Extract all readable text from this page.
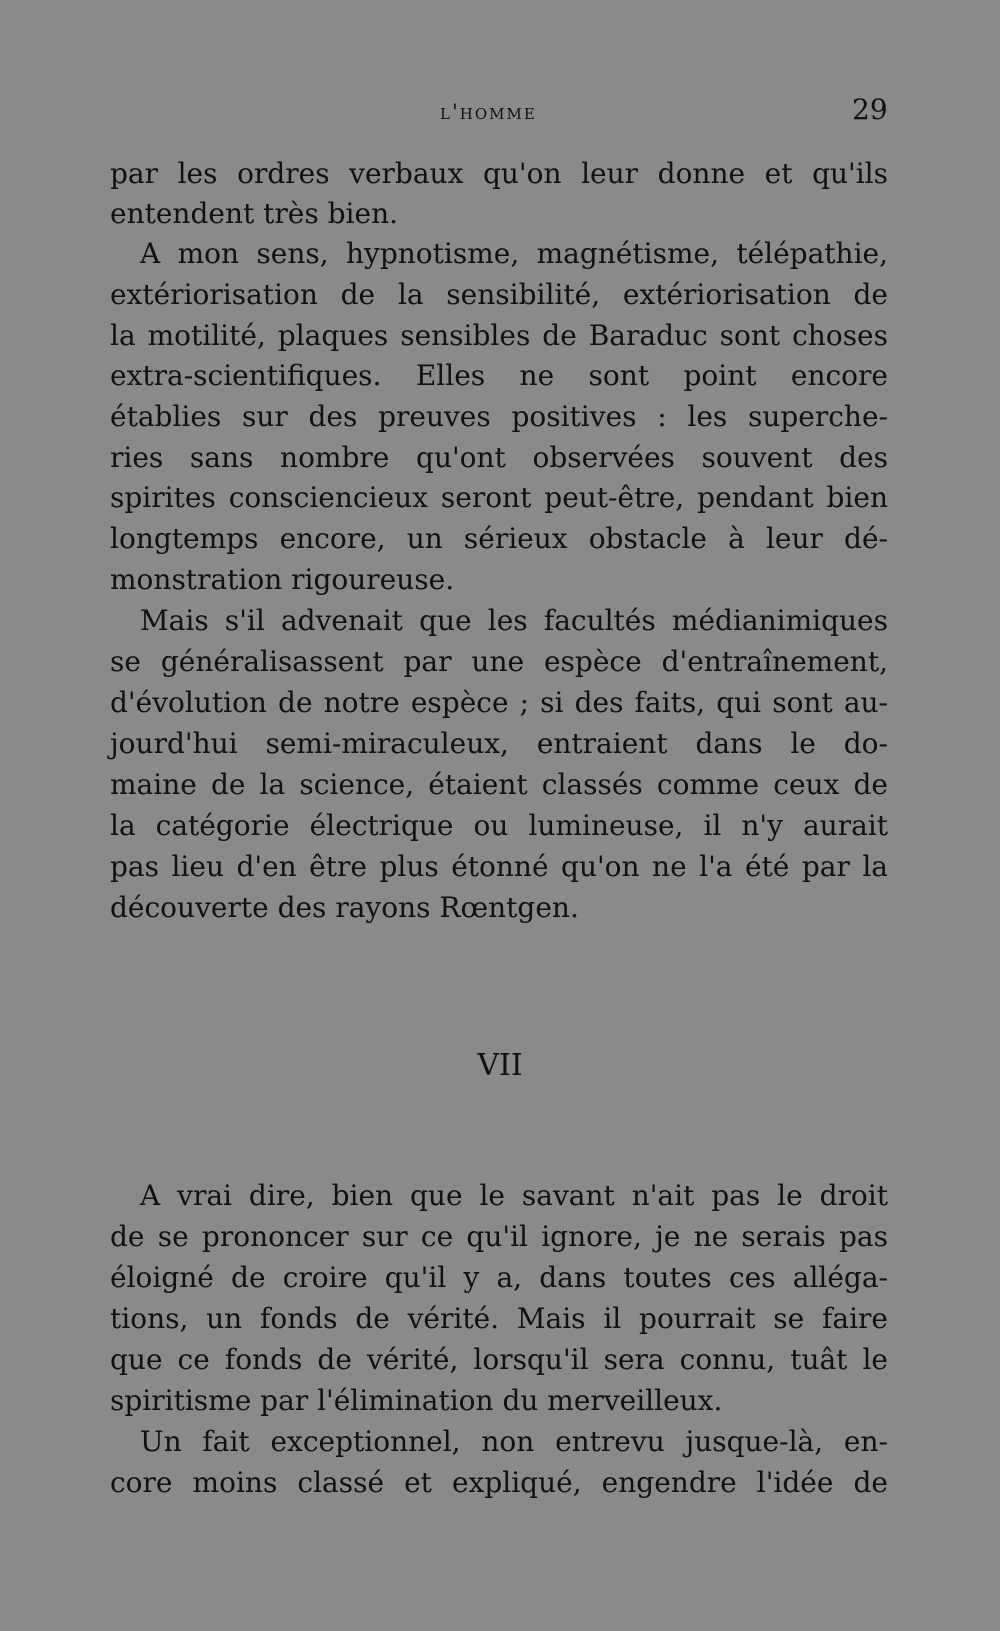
l'homme	29
par les ordres verbaux qu'on leur donne et qu'ils
entendent très bien.
A mon sens, hypnotisme, magnétisme, télépathie,
extériorisation de la sensibilité, extériorisation de
la motilité, plaques sensibles de Baraduc sont choses
extra-scientifiques. Elles ne sont point encore
établies sur des preuves positives : les superche-
ries sans nombre qu'ont observées souvent des
spirites consciencieux seront peut-être, pendant bien
longtemps encore, un sérieux obstacle à leur dé-
monstration rigoureuse.
Mais s'il advenait que les facultés médianimiques
se généralisassent par une espèce d'entraînement,
d'évolution de notre espèce ; si des faits, qui sont au-
jourd'hui semi-miraculeux, entraient dans le do-
maine de la science, étaient classés comme ceux de
la catégorie électrique ou lumineuse, il n'y aurait
pas lieu d'en être plus étonné qu'on ne l'a été par la
découverte des rayons Rœntgen.
VII
A vrai dire, bien que le savant n'ait pas le droit
de se prononcer sur ce qu'il ignore, je ne serais pas
éloigné de croire qu'il y a, dans toutes ces alléga-
tions, un fonds de vérité. Mais il pourrait se faire
que ce fonds de vérité, lorsqu'il sera connu, tuât le
spiritisme par l'élimination du merveilleux.
Un fait exceptionnel, non entrevu jusque-là, en-
core moins classé et expliqué, engendre l'idée de
